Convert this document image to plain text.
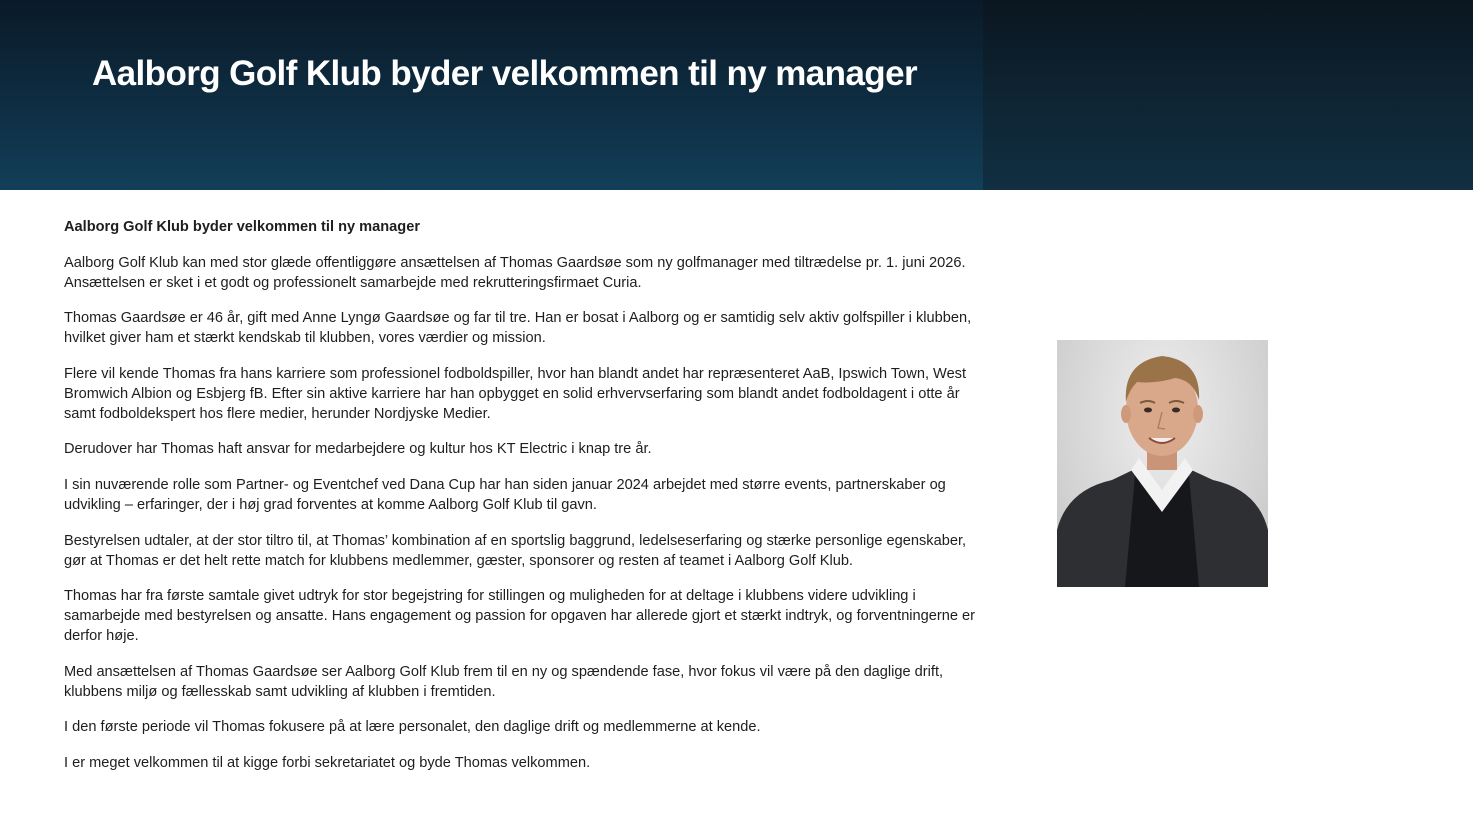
Aalborg Golf Klub byder velkommen til ny manager
Aalborg Golf Klub byder velkommen til ny manager

Aalborg Golf Klub kan med stor glæde offentliggøre ansættelsen af Thomas Gaardsøe som ny golfmanager med tiltrædelse pr. 1. juni 2026. Ansættelsen er sket i et godt og professionelt samarbejde med rekrutteringsfirmaet Curia.

Thomas Gaardsøe er 46 år, gift med Anne Lyngø Gaardsøe og far til tre. Han er bosat i Aalborg og er samtidig selv aktiv golfspiller i klubben, hvilket giver ham et stærkt kendskab til klubben, vores værdier og mission.

Flere vil kende Thomas fra hans karriere som professionel fodboldspiller, hvor han blandt andet har repræsenteret AaB, Ipswich Town, West Bromwich Albion og Esbjerg fB. Efter sin aktive karriere har han opbygget en solid erhvervserfaring som blandt andet fodboldagent i otte år samt fodboldekspert hos flere medier, herunder Nordjyske Medier.

Derudover har Thomas haft ansvar for medarbejdere og kultur hos KT Electric i knap tre år.

I sin nuværende rolle som Partner- og Eventchef ved Dana Cup har han siden januar 2024 arbejdet med større events, partnerskaber og udvikling – erfaringer, der i høj grad forventes at komme Aalborg Golf Klub til gavn.

Bestyrelsen udtaler, at der stor tiltro til, at Thomas’ kombination af en sportslig baggrund, ledelseserfaring og stærke personlige egenskaber, gør at Thomas er det helt rette match for klubbens medlemmer, gæster, sponsorer og resten af teamet i Aalborg Golf Klub.

Thomas har fra første samtale givet udtryk for stor begejstring for stillingen og muligheden for at deltage i klubbens videre udvikling i samarbejde med bestyrelsen og ansatte. Hans engagement og passion for opgaven har allerede gjort et stærkt indtryk, og forventningerne er derfor høje.

Med ansættelsen af Thomas Gaardsøe ser Aalborg Golf Klub frem til en ny og spændende fase, hvor fokus vil være på den daglige drift, klubbens miljø og fællesskab samt udvikling af klubben i fremtiden.

I den første periode vil Thomas fokusere på at lære personalet, den daglige drift og medlemmerne at kende.

I er meget velkommen til at kigge forbi sekretariatet og byde Thomas velkommen.
